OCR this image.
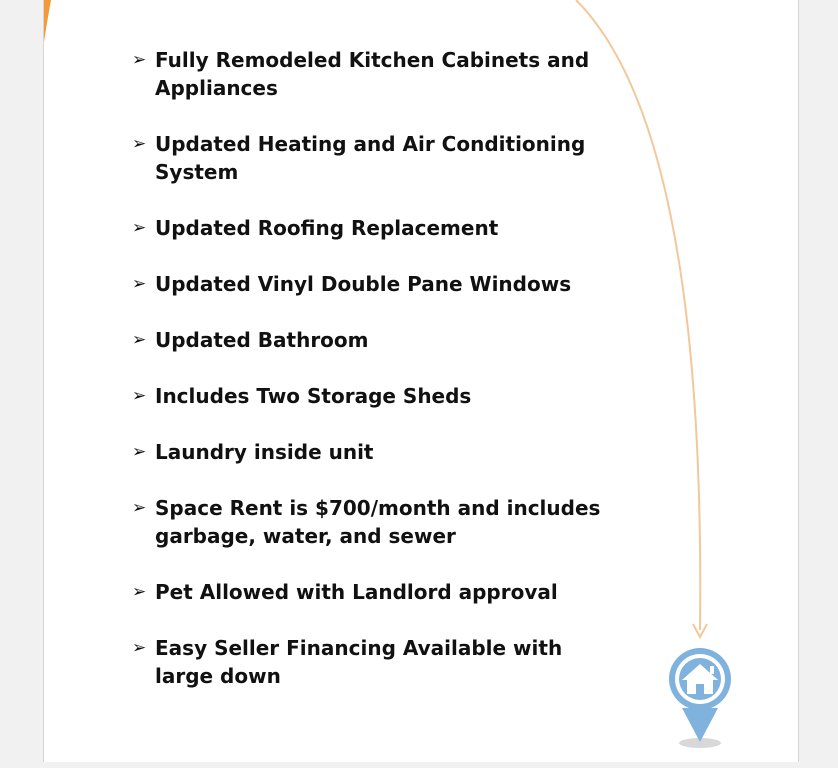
➢ Fully Remodeled Kitchen Cabinets and Appliances
➢ Updated Heating and Air Conditioning System
➢ Updated Roofing Replacement
➢ Updated Vinyl Double Pane Windows
➢ Updated Bathroom
➢ Includes Two Storage Sheds
➢ Laundry inside unit
➢ Space Rent is $700/month and includes garbage, water, and sewer
➢ Pet Allowed with Landlord approval
➢ Easy Seller Financing Available with large down
